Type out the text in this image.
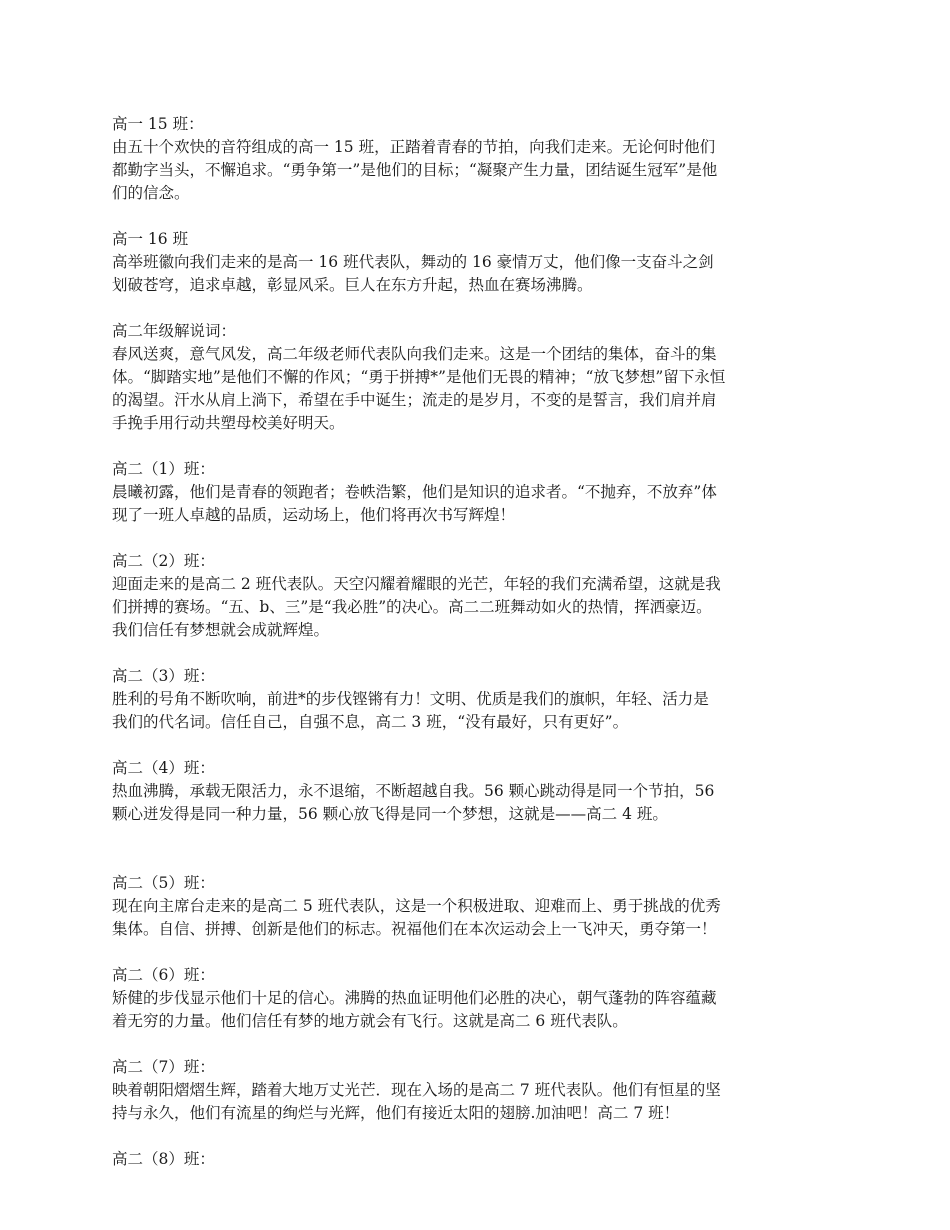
高一 15 班：

由五十个欢快的音符组成的高一 15 班，正踏着青春的节拍，向我们走来。无论何时他们
都勤字当头，不懈追求。“勇争第一”是他们的目标；“凝聚产生力量，团结诞生冠军”是他
们的信念。

高一 16 班

高举班徽向我们走来的是高一 16 班代表队，舞动的 16 豪情万丈，他们像一支奋斗之剑
划破苍穹，追求卓越，彰显风采。巨人在东方升起，热血在赛场沸腾。

高二年级解说词：

春风送爽，意气风发，高二年级老师代表队向我们走来。这是一个团结的集体，奋斗的集
体。“脚踏实地”是他们不懈的作风；“勇于拼搏*”是他们无畏的精神；“放飞梦想”留下永恒
的渴望。汗水从肩上淌下，希望在手中诞生；流走的是岁月，不变的是誓言，我们肩并肩
手挽手用行动共塑母校美好明天。

高二（1）班：

晨曦初露，他们是青春的领跑者；卷帙浩繁，他们是知识的追求者。“不抛弃，不放弃”体
现了一班人卓越的品质，运动场上，他们将再次书写辉煌！

高二（2）班：

迎面走来的是高二 2 班代表队。天空闪耀着耀眼的光芒，年轻的我们充满希望，这就是我
们拼搏的赛场。“五、b、三”是“我必胜”的决心。高二二班舞动如火的热情，挥洒豪迈。
我们信任有梦想就会成就辉煌。

高二（3）班：

胜利的号角不断吹响，前进*的步伐铿锵有力！文明、优质是我们的旗帜，年轻、活力是
我们的代名词。信任自己，自强不息，高二 3 班，“没有最好，只有更好”。

高二（4）班：

热血沸腾，承载无限活力，永不退缩，不断超越自我。56 颗心跳动得是同一个节拍，56
颗心迸发得是同一种力量，56 颗心放飞得是同一个梦想，这就是——高二 4 班。

高二（5）班：

现在向主席台走来的是高二 5 班代表队，这是一个积极进取、迎难而上、勇于挑战的优秀
集体。自信、拼搏、创新是他们的标志。祝福他们在本次运动会上一飞冲天，勇夺第一！

高二（6）班：

矫健的步伐显示他们十足的信心。沸腾的热血证明他们必胜的决心，朝气蓬勃的阵容蕴藏
着无穷的力量。他们信任有梦的地方就会有飞行。这就是高二 6 班代表队。

高二（7）班：

映着朝阳熠熠生辉，踏着大地万丈光芒．现在入场的是高二 7 班代表队。他们有恒星的坚
持与永久，他们有流星的绚烂与光辉，他们有接近太阳的翅膀.加油吧！高二 7 班！

高二（8）班：
